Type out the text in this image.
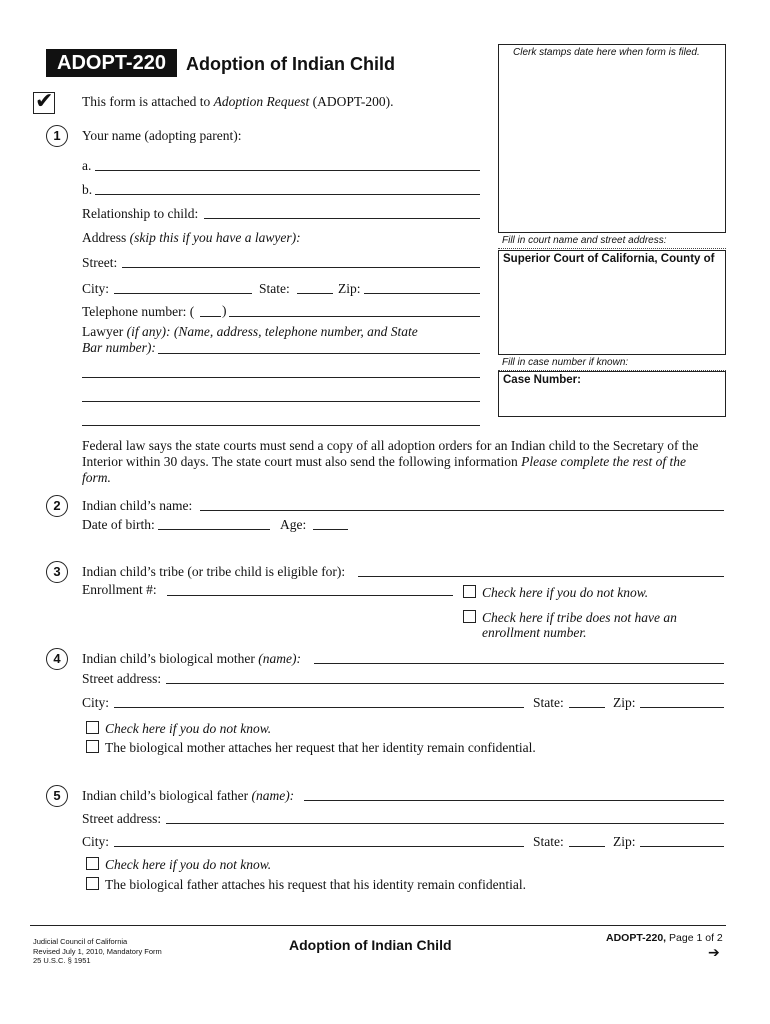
ADOPT-220	Adoption of Indian Child
✔ This form is attached to Adoption Request (ADOPT-200).
Clerk stamps date here when form is filed.
Fill in court name and street address:
Superior Court of California, County of
Fill in case number if known:
Case Number:
1	Your name (adopting parent):
a.
b.
Relationship to child:
Address (skip this if you have a lawyer):
Street:
City:	State:	Zip:
Telephone number: ( )
Lawyer (if any): (Name, address, telephone number, and State
Bar number):
Federal law says the state courts must send a copy of all adoption orders for an Indian child to the Secretary of the
Interior within 30 days. The state court must also send the following information Please complete the rest of the
form.
2	Indian child’s name:
Date of birth:	Age:
3	Indian child’s tribe (or tribe child is eligible for):
Enrollment #:	Check here if you do not know.
Check here if tribe does not have an
enrollment number.
4	Indian child’s biological mother (name):
Street address:
City:	State:	Zip:
Check here if you do not know.
The biological mother attaches her request that her identity remain confidential.
5	Indian child’s biological father (name):
Street address:
City:	State:	Zip:
Check here if you do not know.
The biological father attaches his request that his identity remain confidential.
Judicial Council of California
Revised July 1, 2010, Mandatory Form
25 U.S.C. § 1951
Adoption of Indian Child	ADOPT-220, Page 1 of 2
➔
